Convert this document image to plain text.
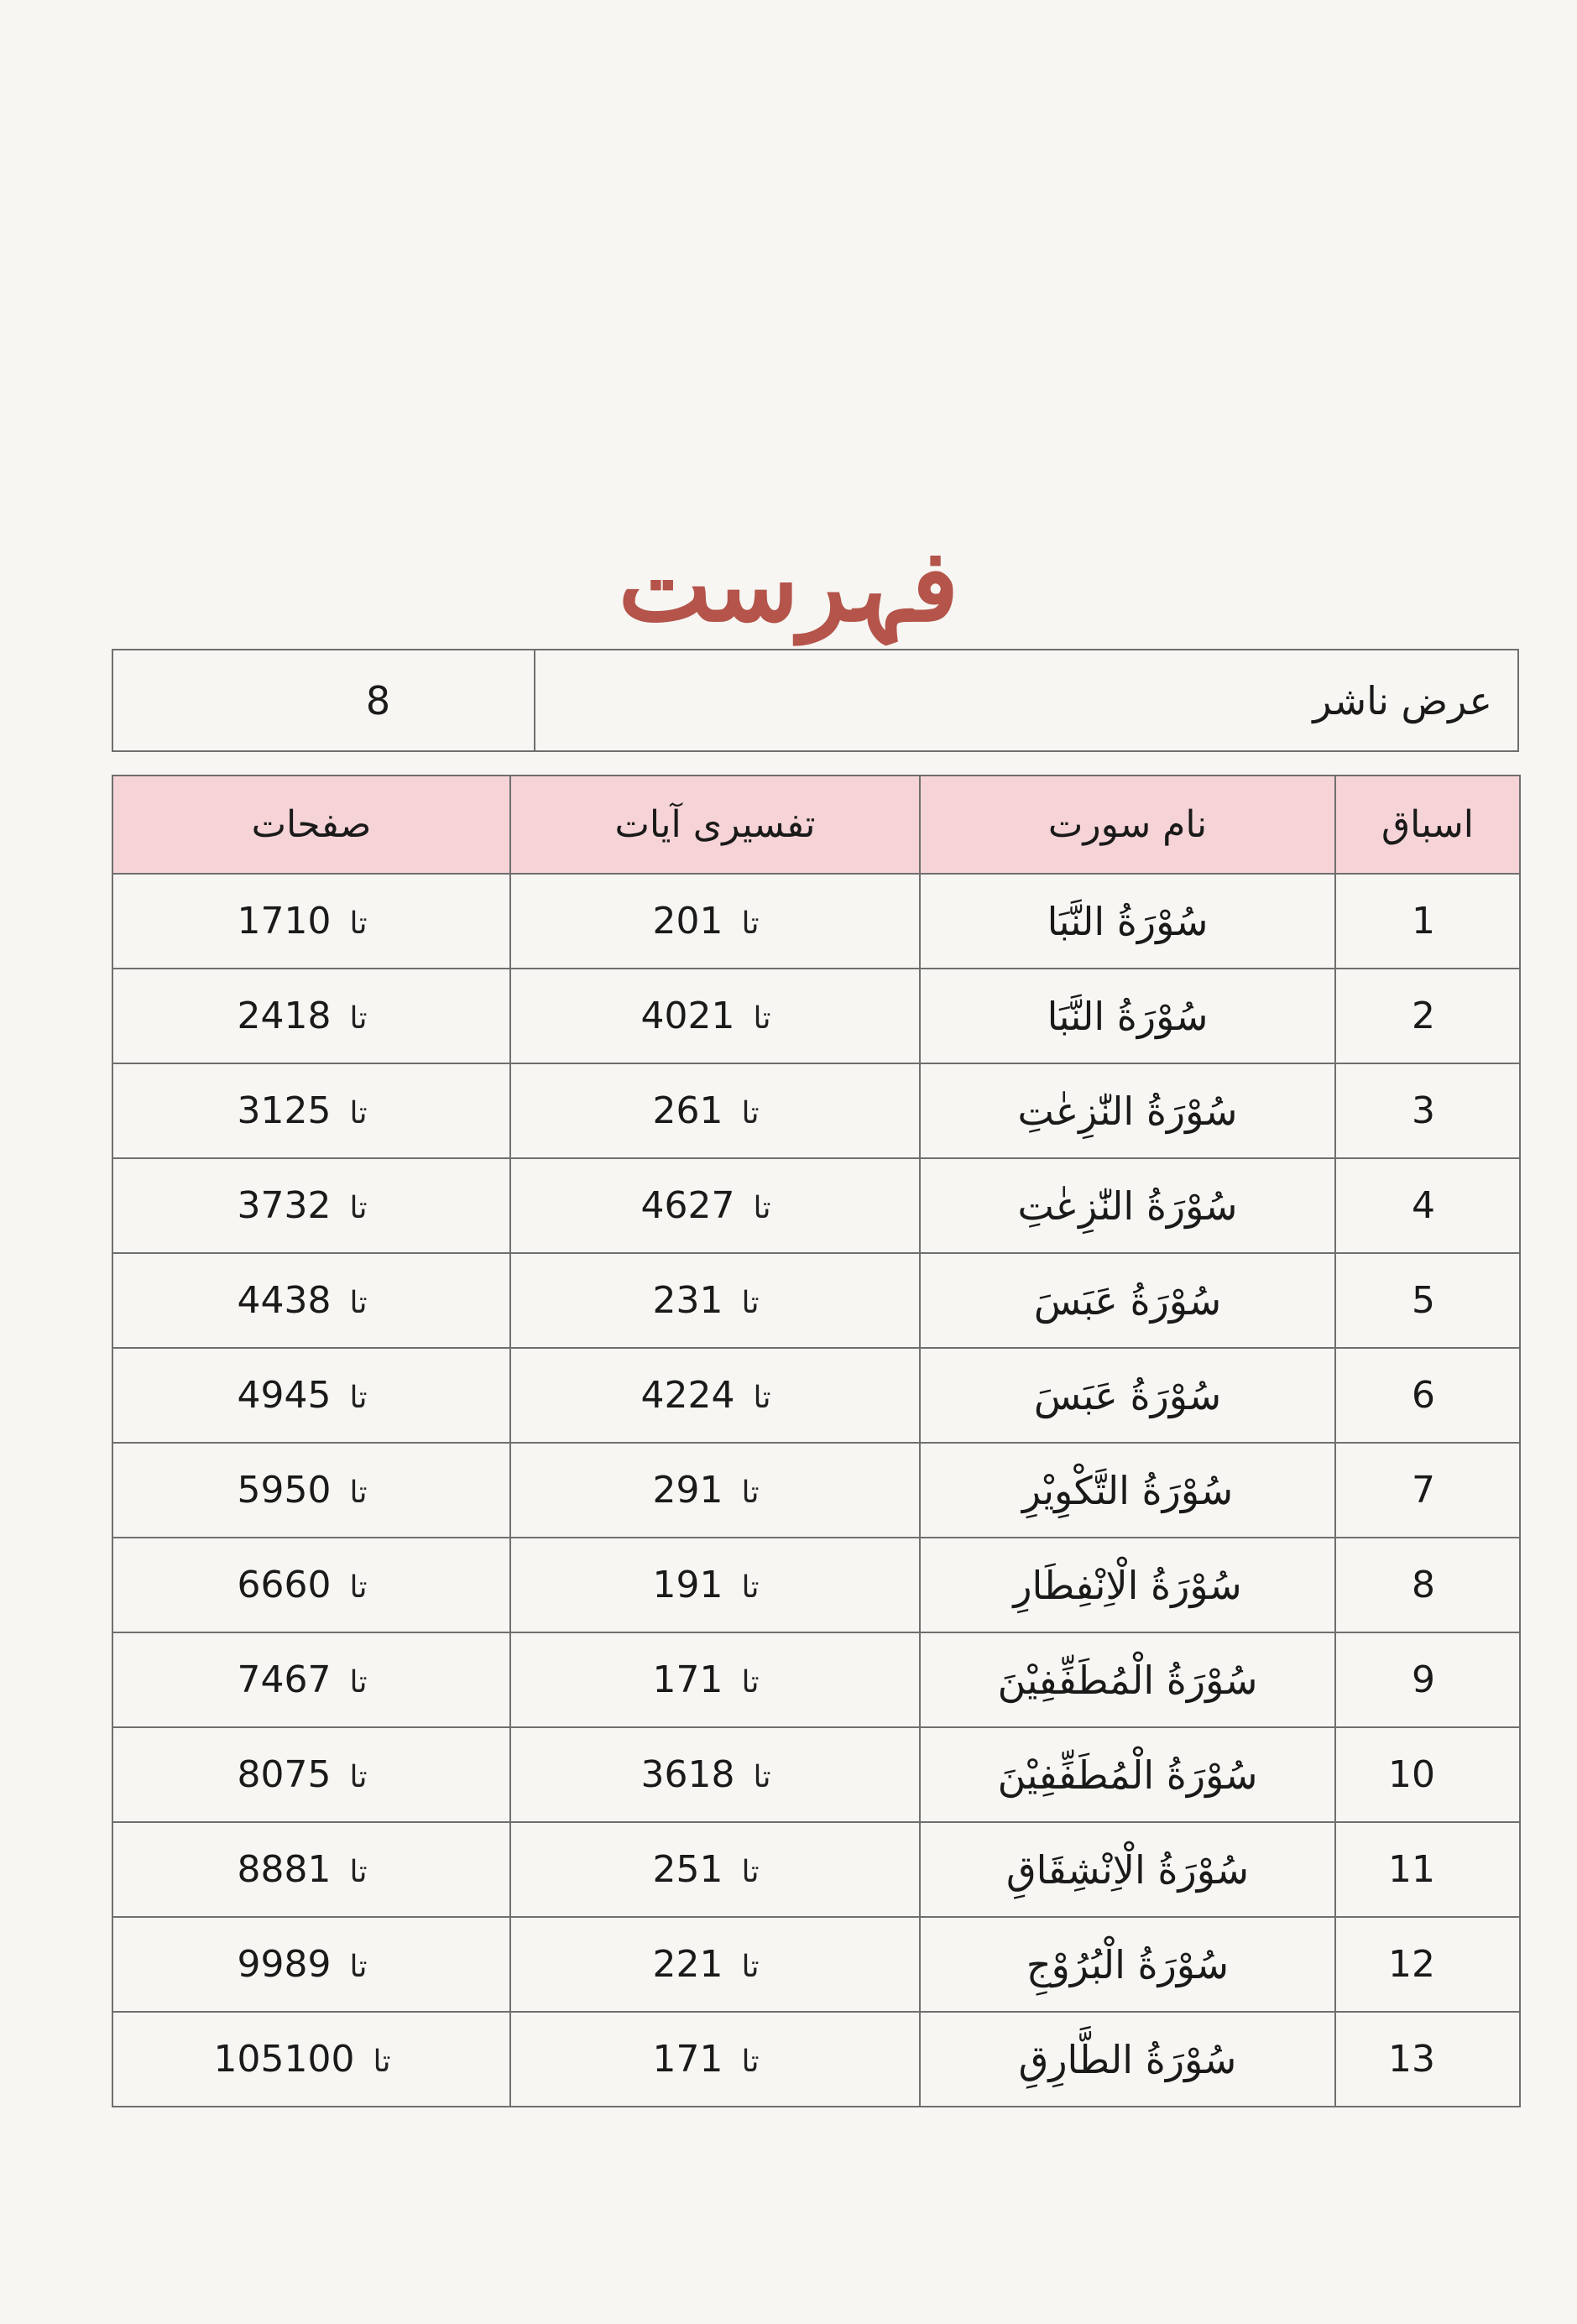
فہرست
عرض ناشر	8
اسباق	نام سورت	تفسیری آیات	صفحات
1	سُوْرَةُ النَّبَا	20 تا1	17 تا10
2	سُوْرَةُ النَّبَا	40 تا21	24 تا18
3	سُوْرَةُ النّٰزِعٰتِ	26 تا1	31 تا25
4	سُوْرَةُ النّٰزِعٰتِ	46 تا27	37 تا32
5	سُوْرَةُ عَبَسَ	23 تا1	44 تا38
6	سُوْرَةُ عَبَسَ	42 تا24	49 تا45
7	سُوْرَةُ التَّكْوِيْرِ	29 تا1	59 تا50
8	سُوْرَةُ الْاِنْفِطَارِ	19 تا1	66 تا60
9	سُوْرَةُ الْمُطَفِّفِيْنَ	17 تا1	74 تا67
10	سُوْرَةُ الْمُطَفِّفِيْنَ	36 تا18	80 تا75
11	سُوْرَةُ الْاِنْشِقَاقِ	25 تا1	88 تا81
12	سُوْرَةُ الْبُرُوْجِ	22 تا1	99 تا89
13	سُوْرَةُ الطَّارِقِ	17 تا1	105 تا100
